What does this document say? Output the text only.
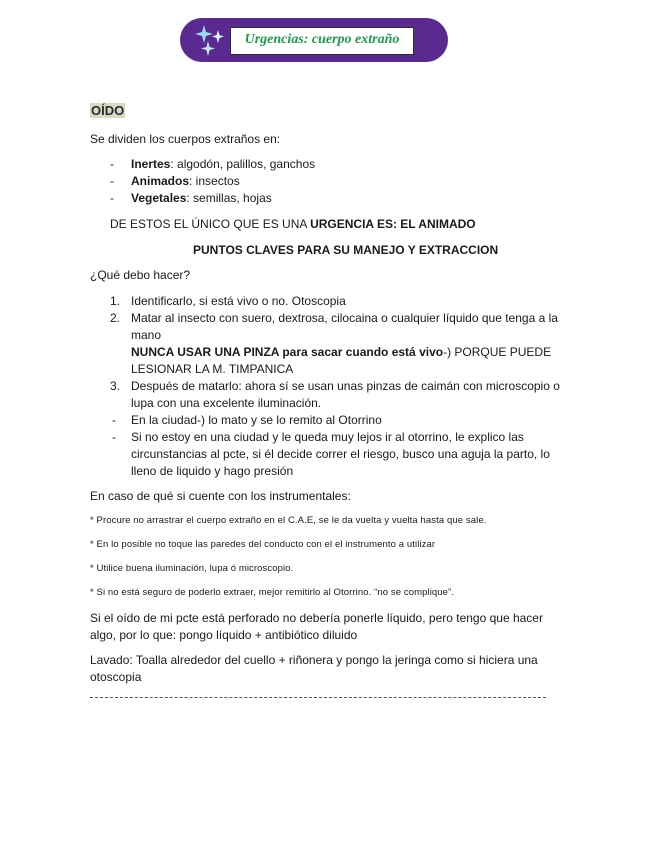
Urgencias: cuerpo extraño
OÍDO
Se dividen los cuerpos extraños en:
- Inertes: algodón, palillos, ganchos
- Animados: insectos
- Vegetales: semillas, hojas
DE ESTOS EL ÚNICO QUE ES UNA URGENCIA ES: EL ANIMADO
PUNTOS CLAVES PARA SU MANEJO Y EXTRACCION
¿Qué debo hacer?
1. Identificarlo, si está vivo o no. Otoscopia
2. Matar al insecto con suero, dextrosa, cilocaina o cualquier líquido que tenga a la
mano
NUNCA USAR UNA PINZA para sacar cuando está vivo-) PORQUE PUEDE
LESIONAR LA M. TIMPANICA
3. Después de matarlo: ahora sí se usan unas pinzas de caimán con microscopio o
lupa con una excelente iluminación.
- En la ciudad-) lo mato y se lo remito al Otorrino
- Si no estoy en una ciudad y le queda muy lejos ir al otorrino, le explico las
circunstancias al pcte, si él decide correr el riesgo, busco una aguja la parto, lo
lleno de liquido y hago presión
En caso de qué si cuente con los instrumentales:
* Procure no arrastrar el cuerpo extraño en el C.A.E, se le da vuelta y vuelta hasta que sale.
* En lo posible no toque las paredes del conducto con el el instrumento a utilizar
* Utilice buena iluminación, lupa ó microscopio.
* Si no está seguro de poderlo extraer, mejor remitirlo al Otorrino. “no se complique”.
Si el oído de mi pcte está perforado no debería ponerle líquido, pero tengo que hacer
algo, por lo que: pongo líquido + antibiótico diluido
Lavado: Toalla alrededor del cuello + riñonera y pongo la jeringa como si hiciera una
otoscopia
